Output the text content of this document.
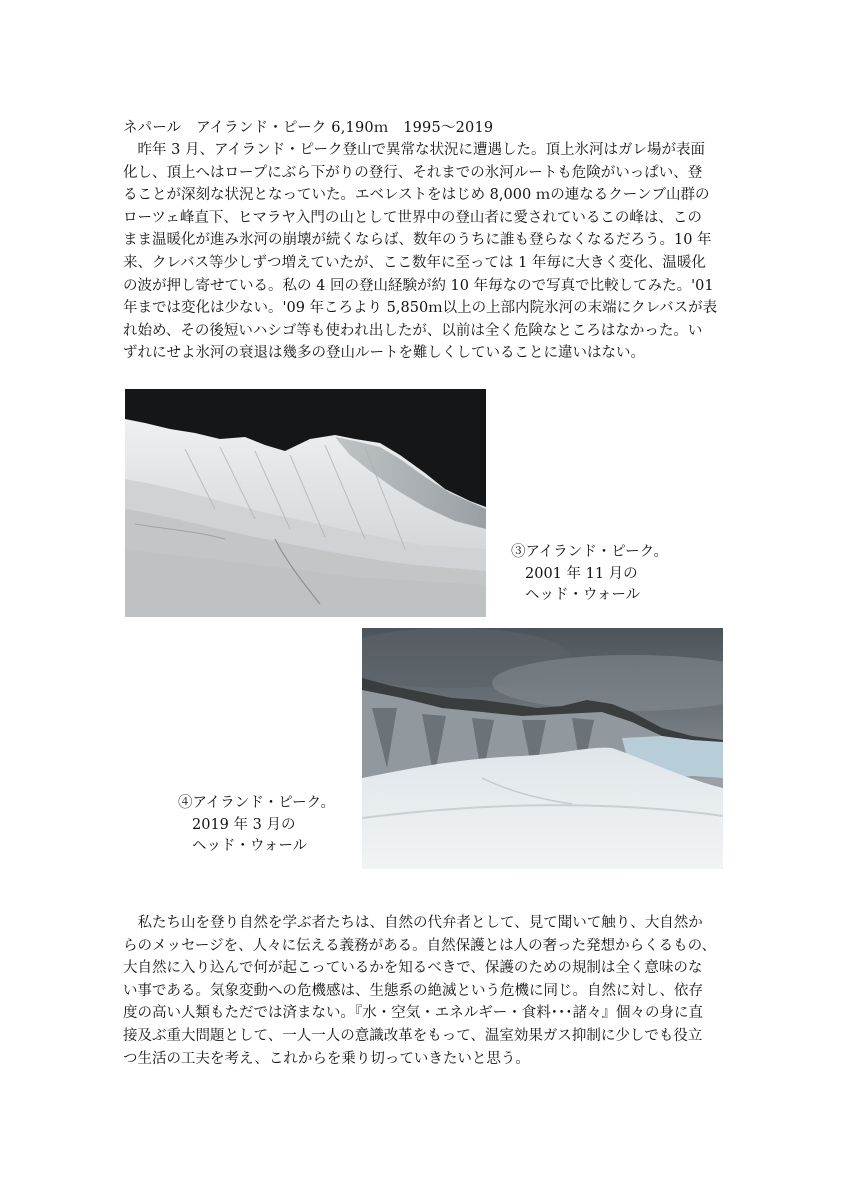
ネパール　アイランド・ピーク 6,190ｍ　1995～2019
　昨年 3 月、アイランド・ピーク登山で異常な状況に遭遇した。頂上氷河はガレ場が表面
化し、頂上へはロープにぶら下がりの登行、それまでの氷河ルートも危険がいっぱい、登
ることが深刻な状況となっていた。エベレストをはじめ 8,000 ｍの連なるクーンブ山群の
ローツェ峰直下、ヒマラヤ入門の山として世界中の登山者に愛されているこの峰は、この
まま温暖化が進み氷河の崩壊が続くならば、数年のうちに誰も登らなくなるだろう。10 年
来、クレバス等少しずつ増えていたが、ここ数年に至っては 1 年毎に大きく変化、温暖化
の波が押し寄せている。私の 4 回の登山経験が約 10 年毎なので写真で比較してみた。'01
年までは変化は少ない。'09 年ころより 5,850ｍ以上の上部内院氷河の末端にクレバスが表
れ始め、その後短いハシゴ等も使われ出したが、以前は全く危険なところはなかった。い
ずれにせよ氷河の衰退は幾多の登山ルートを難しくしていることに違いはない。
③アイランド・ピーク。
2001 年 11 月の
ヘッド・ウォール
④アイランド・ピーク。
2019 年 3 月の
ヘッド・ウォール
　私たち山を登り自然を学ぶ者たちは、自然の代弁者として、見て聞いて触り、大自然か
らのメッセージを、人々に伝える義務がある。自然保護とは人の奢った発想からくるもの、
大自然に入り込んで何が起こっているかを知るべきで、保護のための規制は全く意味のな
い事である。気象変動への危機感は、生態系の絶滅という危機に同じ。自然に対し、依存
度の高い人類もただでは済まない。『水・空気・エネルギー・食料･･･諸々』個々の身に直
接及ぶ重大問題として、一人一人の意識改革をもって、温室効果ガス抑制に少しでも役立
つ生活の工夫を考え、これからを乗り切っていきたいと思う。
